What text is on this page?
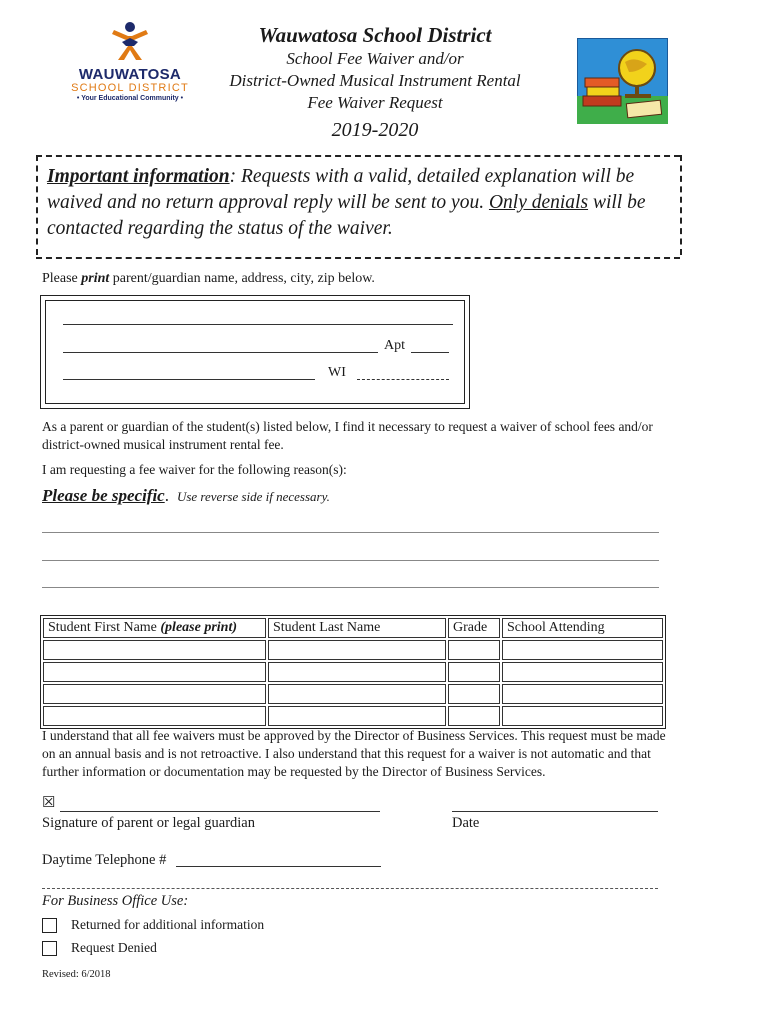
WAUWATOSA
SCHOOL DISTRICT
• Your Educational Community •
Wauwatosa School District
School Fee Waiver and/or
District-Owned Musical Instrument Rental
Fee Waiver Request
2019-2020
Important information: Requests with a valid, detailed explanation will be waived and no return approval reply will be sent to you. Only denials will be contacted regarding the status of the waiver.
Please print parent/guardian name, address, city, zip below.
Apt
WI
As a parent or guardian of the student(s) listed below, I find it necessary to request a waiver of school fees and/or district-owned musical instrument rental fee.
I am requesting a fee waiver for the following reason(s):
Please be specific. Use reverse side if necessary.
Student First Name (please print)	Student Last Name	Grade	School Attending

I understand that all fee waivers must be approved by the Director of Business Services. This request must be made on an annual basis and is not retroactive. I also understand that this request for a waiver is not automatic and that further information or documentation may be requested by the Director of Business Services.
☒
Signature of parent or legal guardian	Date
Daytime Telephone #
For Business Office Use:
Returned for additional information
Request Denied
Revised: 6/2018
